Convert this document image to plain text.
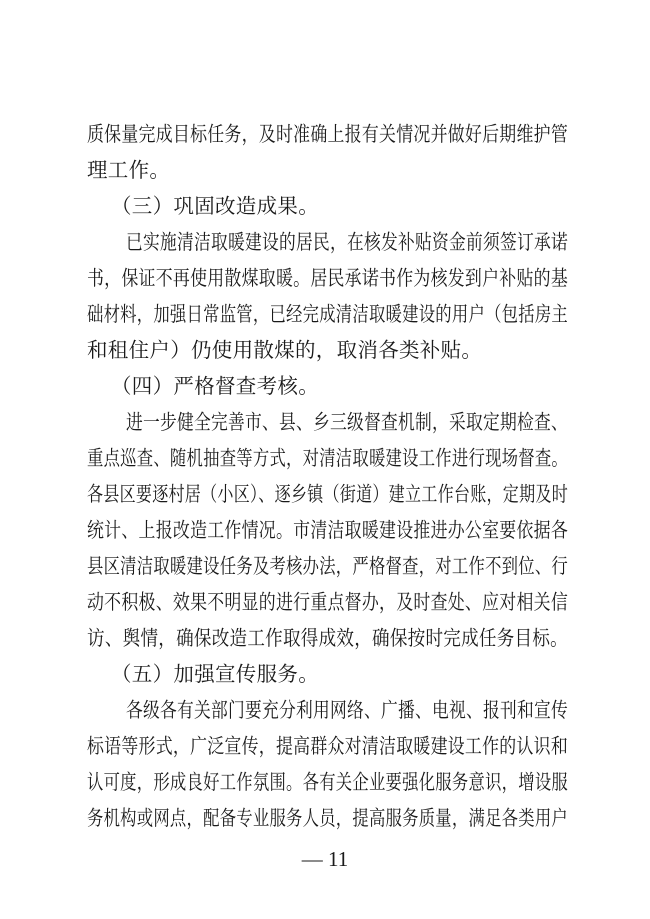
质保量完成目标任务，及时准确上报有关情况并做好后期维护管
理工作。
（三）巩固改造成果。
已实施清洁取暖建设的居民，在核发补贴资金前须签订承诺
书，保证不再使用散煤取暖。居民承诺书作为核发到户补贴的基
础材料，加强日常监管，已经完成清洁取暖建设的用户（包括房主
和租住户）仍使用散煤的，取消各类补贴。
（四）严格督查考核。
进一步健全完善市、县、乡三级督查机制，采取定期检查、
重点巡查、随机抽查等方式，对清洁取暖建设工作进行现场督查。
各县区要逐村居（小区）、逐乡镇（街道）建立工作台账，定期及时
统计、上报改造工作情况。市清洁取暖建设推进办公室要依据各
县区清洁取暖建设任务及考核办法，严格督查，对工作不到位、行
动不积极、效果不明显的进行重点督办，及时查处、应对相关信
访、舆情，确保改造工作取得成效，确保按时完成任务目标。
（五）加强宣传服务。
各级各有关部门要充分利用网络、广播、电视、报刊和宣传
标语等形式，广泛宣传，提高群众对清洁取暖建设工作的认识和
认可度，形成良好工作氛围。各有关企业要强化服务意识，增设服
务机构或网点，配备专业服务人员，提高服务质量，满足各类用户
— 11
